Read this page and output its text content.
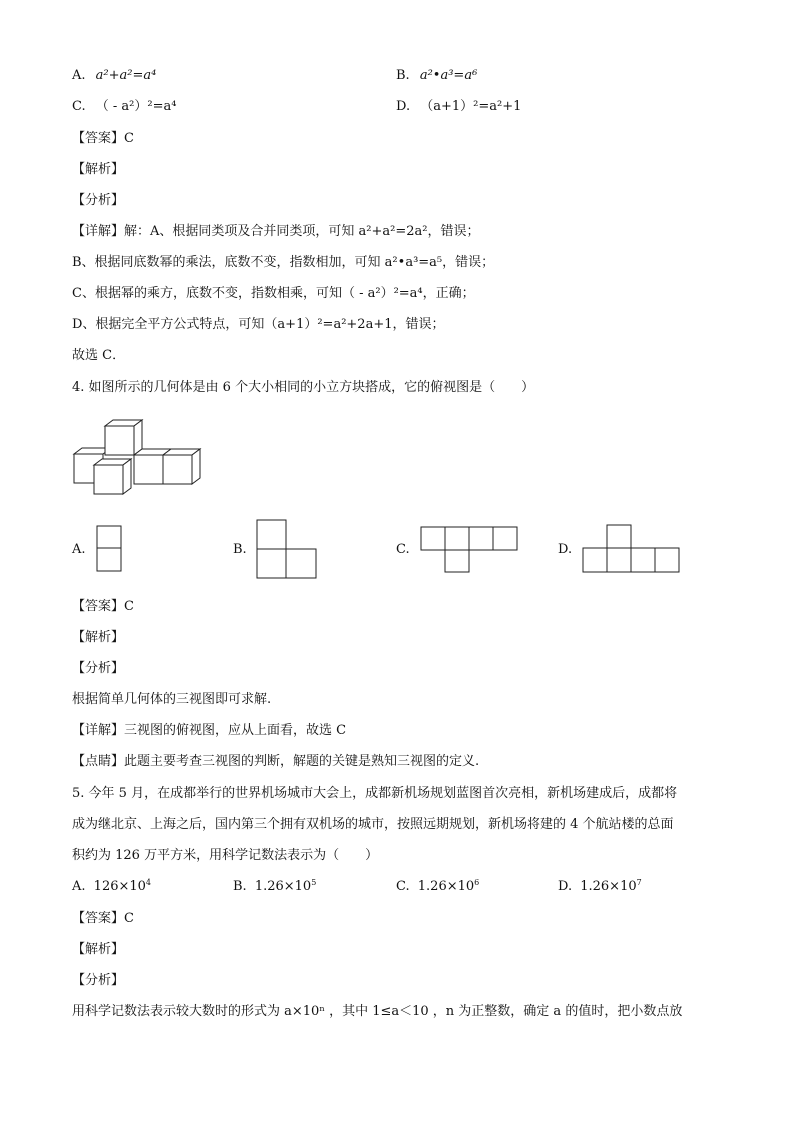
A. a²+a²=a⁴	B. a²•a³=a⁶
C. （ - a²）²=a⁴	D. （a+1）²=a²+1
【答案】C
【解析】
【分析】
【详解】解：A、根据同类项及合并同类项，可知 a²+a²=2a²，错误；
B、根据同底数幂的乘法，底数不变，指数相加，可知 a²•a³=a⁵，错误；
C、根据幂的乘方，底数不变，指数相乘，可知（ - a²）²=a⁴，正确；
D、根据完全平方公式特点，可知（a+1）²=a²+2a+1，错误；
故选 C．
4. 如图所示的几何体是由 6 个大小相同的小立方块搭成，它的俯视图是（　　）
A.	B.	C.	D.
【答案】C
【解析】
【分析】
根据简单几何体的三视图即可求解.
【详解】三视图的俯视图，应从上面看，故选 C
【点睛】此题主要考查三视图的判断，解题的关键是熟知三视图的定义.
5. 今年 5 月，在成都举行的世界机场城市大会上，成都新机场规划蓝图首次亮相，新机场建成后，成都将
成为继北京、上海之后，国内第三个拥有双机场的城市，按照远期规划，新机场将建的 4 个航站楼的总面
积约为 126 万平方米，用科学记数法表示为（　　）
A. $126\times 10^4$	B. $1.26\times 10^5$	C. $1.26\times 10^6$	D. $1.26\times 10^7$
【答案】C
【解析】
【分析】
用科学记数法表示较大数时的形式为 a×10ⁿ ，其中 1≤a＜10 ，n 为正整数，确定 a 的值时，把小数点放
